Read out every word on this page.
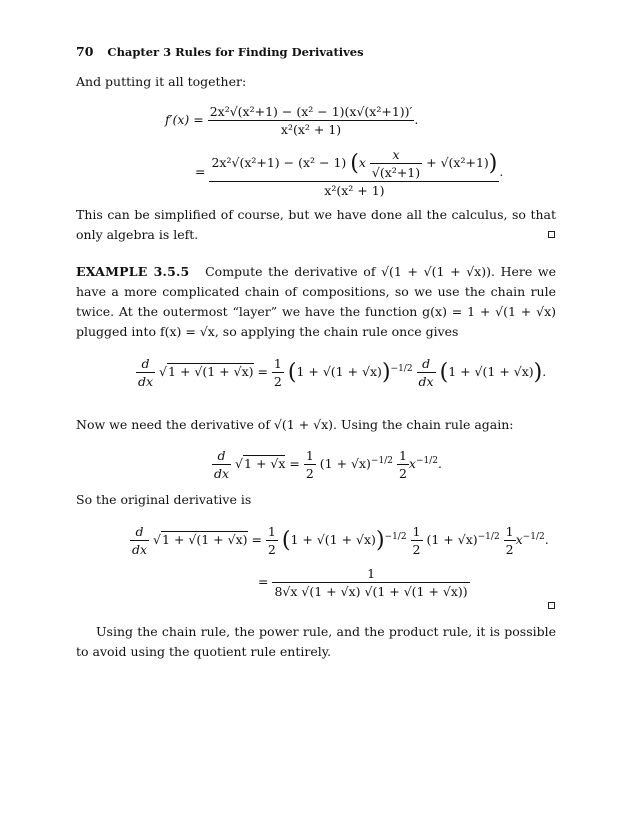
70 Chapter 3 Rules for Finding Derivatives
And putting it all together:
$f'(x) = \frac{\text{2x²√(x²+1) − (x² − 1)(x√(x²+1))′}}{\text{x²(x² + 1)}}$ .
=
2x²√(x²+1) − (x² − 1) $(x \frac{x}{\text{√(x²+1)}} + √(x^2+1))$
x²(x² + 1)
.
This can be simplified of course, but we have done all the calculus, so that only algebra is left.
EXAMPLE 3.5.5 Compute the derivative of √(1 + √(1 + √x)). Here we have a more complicated chain of compositions, so we use the chain rule twice. At the outermost “layer” we have the function g(x) = 1 + √(1 + √x) plugged into f(x) = √x, so applying the chain rule once gives
$\frac{d}{dx} √1 + √(1 + √x) = \frac{1}{2} (1 + √(1 + √x))^{-1/2} \frac{d}{dx} (1 + √(1 + √x))$.
Now we need the derivative of √(1 + √x). Using the chain rule again:
$\frac{d}{dx} √1 + √x = \frac{1}{2} (1 + √x)^{-1/2} \frac{1}{2} x^{-1/2}$.
So the original derivative is
$\frac{d}{dx} √1 + √(1 + √x) = \frac{1}{2} (1 + √(1 + √x))^{-1/2} \frac{1}{2} (1 + √x)^{-1/2} \frac{1}{2} x^{-1/2}$.
= $\frac{1}{8√x √(1 + √x) √(1 + √(1 + √x))}$
Using the chain rule, the power rule, and the product rule, it is possible to avoid using the quotient rule entirely.
